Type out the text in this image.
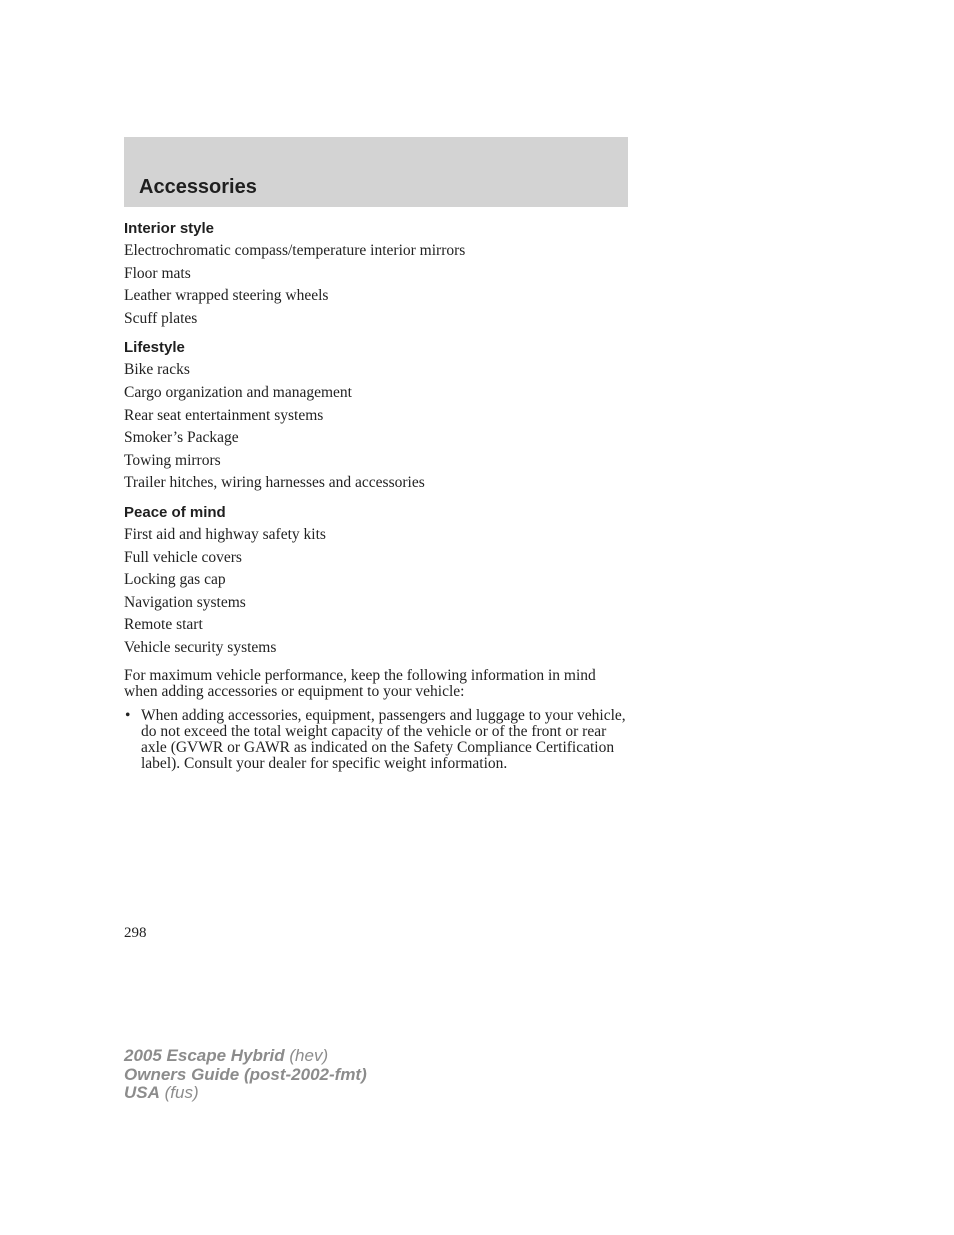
Accessories

Interior style

Electrochromatic compass/temperature interior mirrors

Floor mats

Leather wrapped steering wheels

Scuff plates

Lifestyle

Bike racks

Cargo organization and management

Rear seat entertainment systems

Smoker’s Package

Towing mirrors

Trailer hitches, wiring harnesses and accessories

Peace of mind

First aid and highway safety kits

Full vehicle covers

Locking gas cap

Navigation systems

Remote start

Vehicle security systems

For maximum vehicle performance, keep the following information in mind when adding accessories or equipment to your vehicle:

• When adding accessories, equipment, passengers and luggage to your vehicle, do not exceed the total weight capacity of the vehicle or of the front or rear axle (GVWR or GAWR as indicated on the Safety Compliance Certification label). Consult your dealer for specific weight information.
298
2005 Escape Hybrid (hev)
Owners Guide (post-2002-fmt)
USA (fus)
